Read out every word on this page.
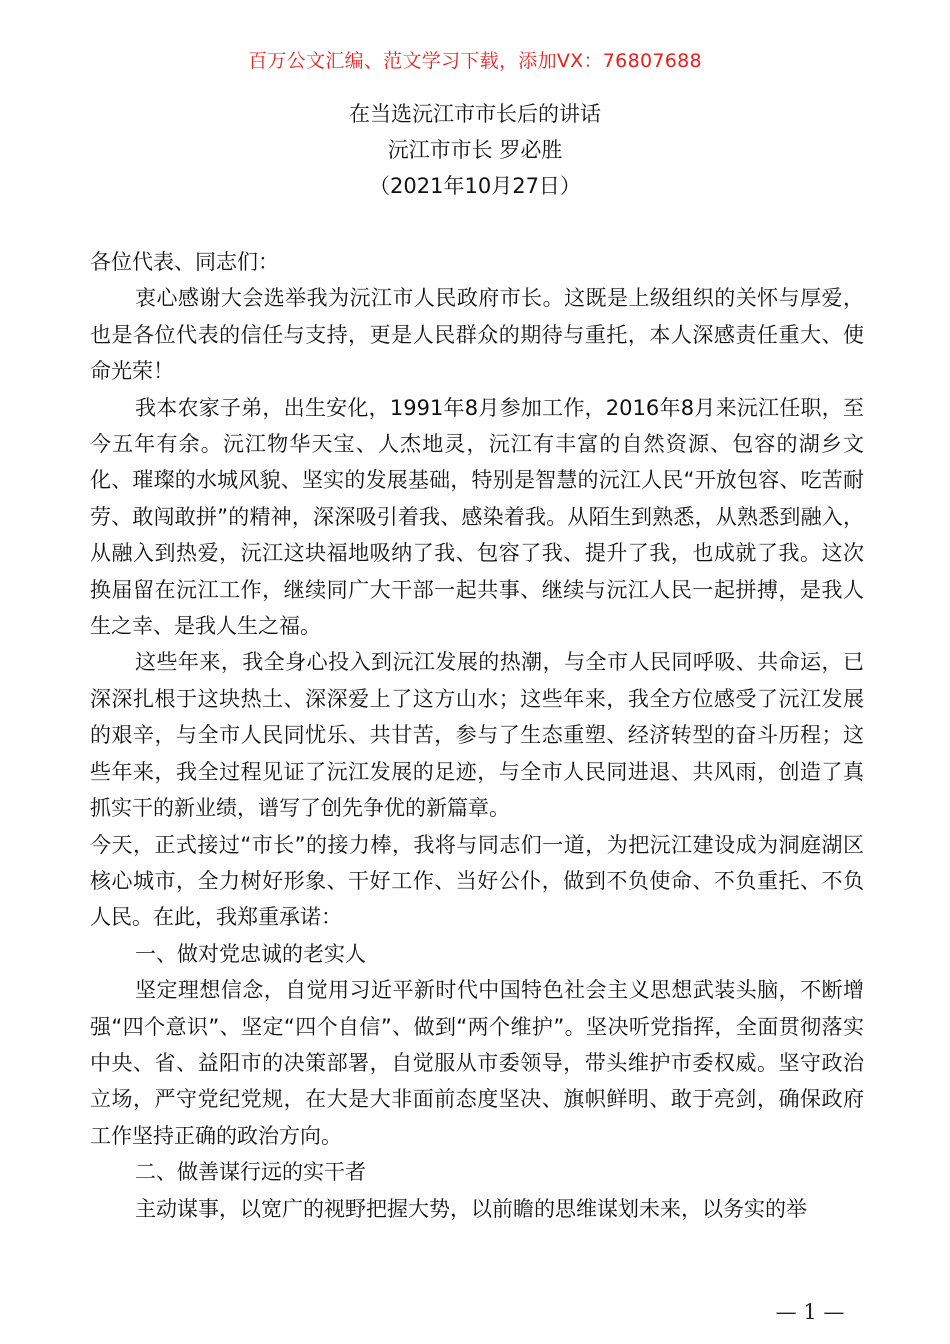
百万公文汇编、范文学习下载，添加VX：76807688
在当选沅江市市长后的讲话
沅江市市长 罗必胜
（2021年10月27日）

各位代表、同志们：

衷心感谢大会选举我为沅江市人民政府市长。这既是上级组织的关怀与厚爱，也是各位代表的信任与支持，更是人民群众的期待与重托，本人深感责任重大、使命光荣！

我本农家子弟，出生安化，1991年8月参加工作，2016年8月来沅江任职，至今五年有余。沅江物华天宝、人杰地灵，沅江有丰富的自然资源、包容的湖乡文化、璀璨的水城风貌、坚实的发展基础，特别是智慧的沅江人民“开放包容、吃苦耐劳、敢闯敢拼”的精神，深深吸引着我、感染着我。从陌生到熟悉，从熟悉到融入，从融入到热爱，沅江这块福地吸纳了我、包容了我、提升了我，也成就了我。这次换届留在沅江工作，继续同广大干部一起共事、继续与沅江人民一起拼搏，是我人生之幸、是我人生之福。

这些年来，我全身心投入到沅江发展的热潮，与全市人民同呼吸、共命运，已深深扎根于这块热土、深深爱上了这方山水；这些年来，我全方位感受了沅江发展的艰辛，与全市人民同忧乐、共甘苦，参与了生态重塑、经济转型的奋斗历程；这些年来，我全过程见证了沅江发展的足迹，与全市人民同进退、共风雨，创造了真抓实干的新业绩，谱写了创先争优的新篇章。

今天，正式接过“市长”的接力棒，我将与同志们一道，为把沅江建设成为洞庭湖区核心城市，全力树好形象、干好工作、当好公仆，做到不负使命、不负重托、不负人民。在此，我郑重承诺：

一、做对党忠诚的老实人

坚定理想信念，自觉用习近平新时代中国特色社会主义思想武装头脑，不断增强“四个意识”、坚定“四个自信”、做到“两个维护”。坚决听党指挥，全面贯彻落实中央、省、益阳市的决策部署，自觉服从市委领导，带头维护市委权威。坚守政治立场，严守党纪党规，在大是大非面前态度坚决、旗帜鲜明、敢于亮剑，确保政府工作坚持正确的政治方向。

二、做善谋行远的实干者

主动谋事，以宽广的视野把握大势，以前瞻的思维谋划未来，以务实的举

— 1 —
